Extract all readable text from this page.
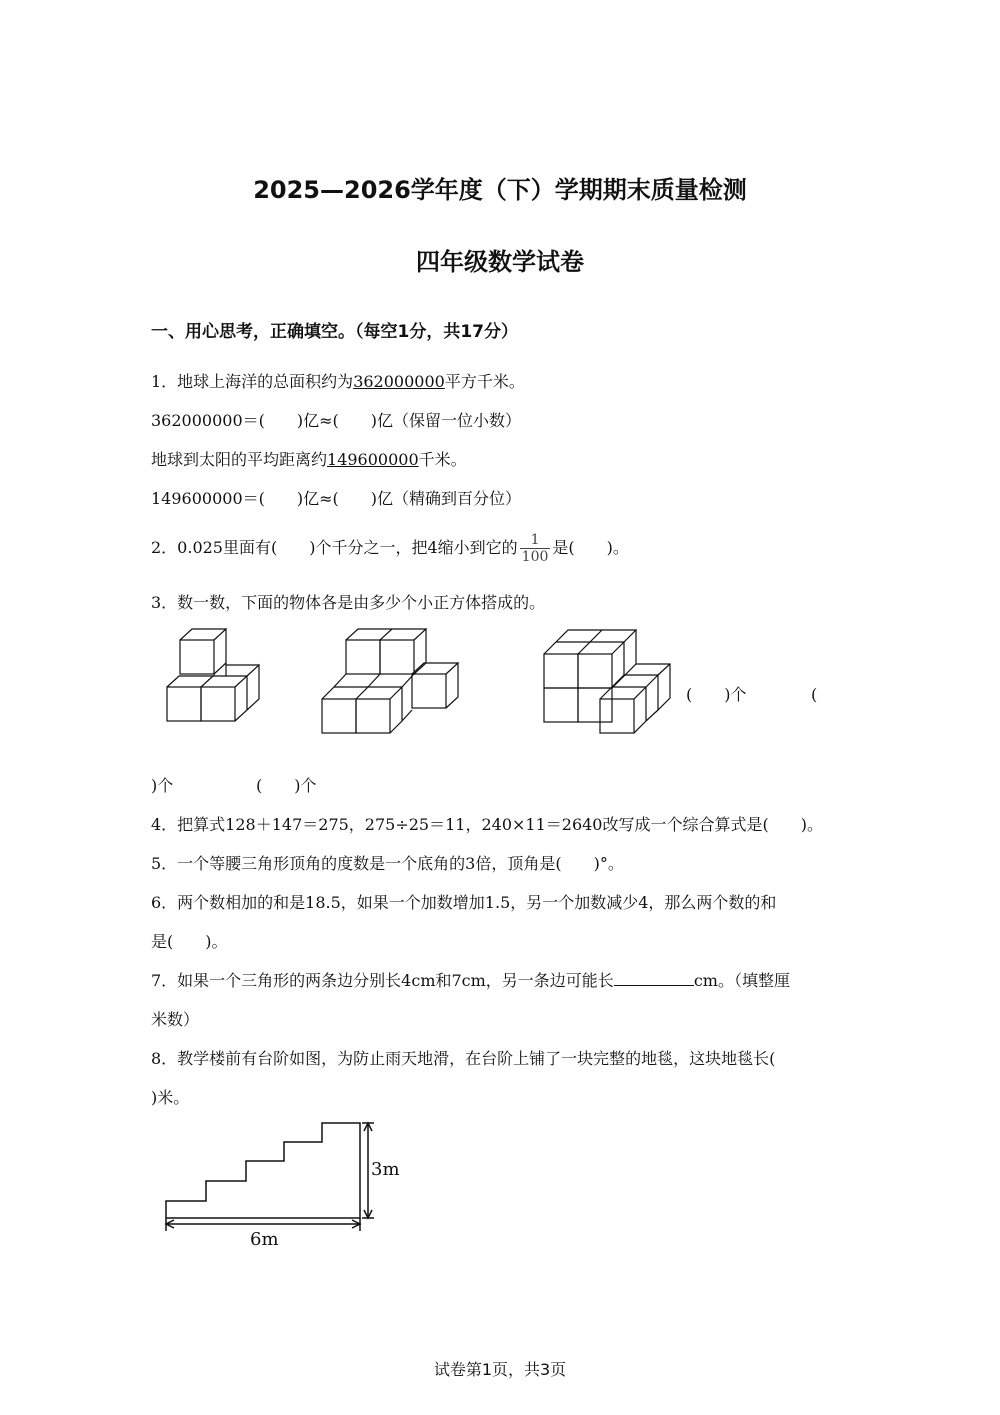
2025—2026学年度（下）学期期末质量检测
四年级数学试卷
一、用心思考，正确填空。（每空1分，共17分）
1．地球上海洋的总面积约为362000000平方千米。
362000000＝(　　)亿≈(　　)亿（保留一位小数）
地球到太阳的平均距离约149600000千米。
149600000＝(　　)亿≈(　　)亿（精确到百分位）
2．0.025里面有(　　)个千分之一，把4缩小到它的 $\frac{1}{100}$ 是(　　)。
3．数一数，下面的物体各是由多少个小正方体搭成的。
(　　)个	(
)个	(　　)个
4．把算式128＋147＝275，275÷25＝11，240×11＝2640改写成一个综合算式是(　　)。
5．一个等腰三角形顶角的度数是一个底角的3倍，顶角是(　　)°。
6．两个数相加的和是18.5，如果一个加数增加1.5，另一个加数减少4，那么两个数的和
是(　　)。
7．如果一个三角形的两条边分别长4cm和7cm，另一条边可能长	cm。（填整厘
米数）
8．教学楼前有台阶如图，为防止雨天地滑，在台阶上铺了一块完整的地毯，这块地毯长(
)米。
3m
6m
试卷第1页，共3页
